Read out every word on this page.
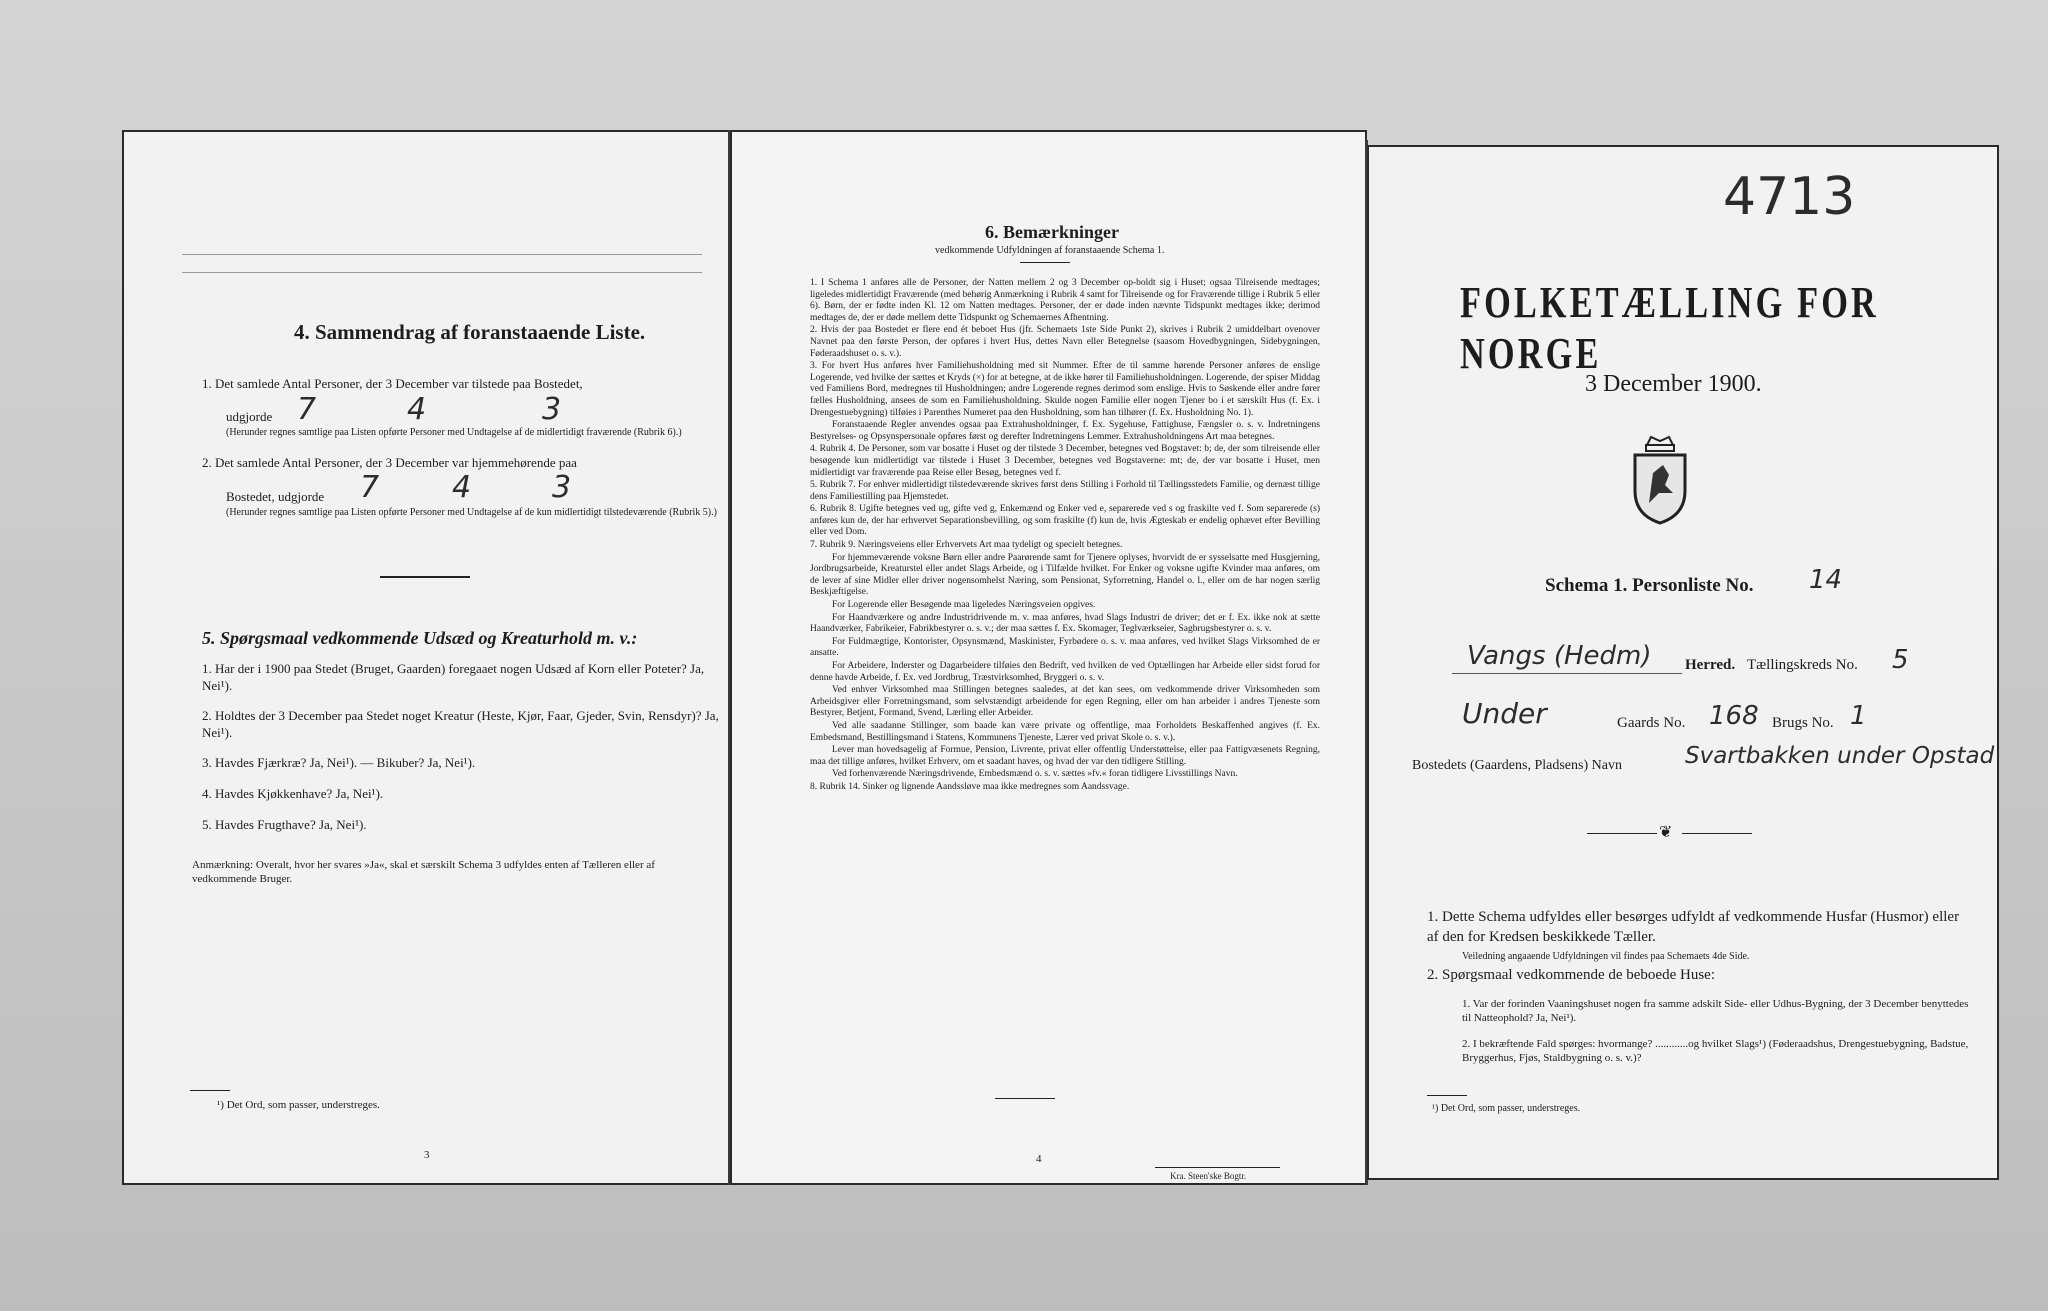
4. Sammendrag af foranstaaende Liste.
1. Det samlede Antal Personer, der 3 December var tilstede paa Bostedet,
udgjorde 7	4	3
(Herunder regnes samtlige paa Listen opførte Personer med Undtagelse af de midlertidigt fraværende (Rubrik 6).)
2. Det samlede Antal Personer, der 3 December var hjemmehørende paa
Bostedet, udgjorde 7 4	3
(Herunder regnes samtlige paa Listen opførte Personer med Undtagelse af de kun midlertidigt tilstedeværende (Rubrik 5).)
5. Spørgsmaal vedkommende Udsæd og Kreaturhold m. v.:
1. Har der i 1900 paa Stedet (Bruget, Gaarden) foregaaet nogen Udsæd af Korn eller Poteter? Ja, Nei¹).
2. Holdtes der 3 December paa Stedet noget Kreatur (Heste, Kjør, Faar, Gjeder, Svin, Rensdyr)? Ja, Nei¹).
3. Havdes Fjærkræ? Ja, Nei¹). — Bikuber? Ja, Nei¹).
4. Havdes Kjøkkenhave? Ja, Nei¹).
5. Havdes Frugthave? Ja, Nei¹).
Anmærkning: Overalt, hvor her svares »Ja«, skal et særskilt Schema 3 udfyldes enten af Tælleren eller af vedkommende Bruger.
¹) Det Ord, som passer, understreges.
3
6. Bemærkninger
vedkommende Udfyldningen af foranstaaende Schema 1.
1. I Schema 1 anføres alle de Personer, der Natten mellem 2 og 3 December op-boldt sig i Huset; ogsaa Tilreisende medtages; ligeledes midlertidigt Fraværende (med behørig Anmærkning i Rubrik 4 samt for Tilreisende og for Fraværende tillige i Rubrik 5 eller 6). Børn, der er fødte inden Kl. 12 om Natten medtages. Personer, der er døde inden nævnte Tidspunkt medtages ikke; derimod medtages de, der er døde mellem dette Tidspunkt og Schemaernes Afhentning.
2. Hvis der paa Bostedet er flere end ét beboet Hus (jfr. Schemaets 1ste Side Punkt 2), skrives i Rubrik 2 umiddelbart ovenover Navnet paa den første Person, der opføres i hvert Hus, dettes Navn eller Betegnelse (saasom Hovedbygningen, Sidebygningen, Føderaadshuset o. s. v.).
3. For hvert Hus anføres hver Familiehusholdning med sit Nummer. Efter de til samme hørende Personer anføres de enslige Logerende, ved hvilke der sættes et Kryds (×) for at betegne, at de ikke hører til Familiehusholdningen. Logerende, der spiser Middag ved Familiens Bord, medregnes til Husholdningen; andre Logerende regnes derimod som enslige. Hvis to Søskende eller andre fører fælles Husholdning, ansees de som en Familiehusholdning. Skulde nogen Familie eller nogen Tjener bo i et særskilt Hus (f. Ex. i Drengestuebygning) tilføies i Parenthes Numeret paa den Husholdning, som han tilhører (f. Ex. Husholdning No. 1).
Foranstaaende Regler anvendes ogsaa paa Extrahusholdninger, f. Ex. Sygehuse, Fattighuse, Fængsler o. s. v. Indretningens Bestyrelses- og Opsynspersonale opføres først og derefter Indretningens Lemmer. Extrahusholdningens Art maa betegnes.
4. Rubrik 4. De Personer, som var bosatte i Huset og der tilstede 3 December, betegnes ved Bogstavet: b; de, der som tilreisende eller besøgende kun midlertidigt var tilstede i Huset 3 December, betegnes ved Bogstaverne: mt; de, der var bosatte i Huset, men midlertidigt var fraværende paa Reise eller Besøg, betegnes ved f.
5. Rubrik 7. For enhver midlertidigt tilstedeværende skrives først dens Stilling i Forhold til Tællingsstedets Familie, og dernæst tillige dens Familiestilling paa Hjemstedet.
6. Rubrik 8. Ugifte betegnes ved ug, gifte ved g, Enkemænd og Enker ved e, separerede ved s og fraskilte ved f. Som separerede (s) anføres kun de, der har erhvervet Separationsbevilling, og som fraskilte (f) kun de, hvis Ægteskab er endelig ophævet efter Bevilling eller ved Dom.
7. Rubrik 9. Næringsveiens eller Erhvervets Art maa tydeligt og specielt betegnes.
For hjemmeværende voksne Børn eller andre Paarørende samt for Tjenere oplyses, hvorvidt de er sysselsatte med Husgjerning, Jordbrugsarbeide, Kreaturstel eller andet Slags Arbeide, og i Tilfælde hvilket. For Enker og voksne ugifte Kvinder maa anføres, om de lever af sine Midler eller driver nogensomhelst Næring, som Pensionat, Syforretning, Handel o. l., eller om de har nogen særlig Beskjæftigelse.
For Logerende eller Besøgende maa ligeledes Næringsveien opgives.
For Haandværkere og andre Industridrivende m. v. maa anføres, hvad Slags Industri de driver; det er f. Ex. ikke nok at sætte Haandværker, Fabrikeier, Fabrikbestyrer o. s. v.; der maa sættes f. Ex. Skomager, Teglværkseier, Sagbrugsbestyrer o. s. v.
For Fuldmægtige, Kontorister, Opsynsmænd, Maskinister, Fyrbødere o. s. v. maa anføres, ved hvilket Slags Virksomhed de er ansatte.
For Arbeidere, Inderster og Dagarbeidere tilføies den Bedrift, ved hvilken de ved Optællingen har Arbeide eller sidst forud for denne havde Arbeide, f. Ex. ved Jordbrug, Træstvirksomhed, Bryggeri o. s. v.
Ved enhver Virksomhed maa Stillingen betegnes saaledes, at det kan sees, om vedkommende driver Virksomheden som Arbeidsgiver eller Forretningsmand, som selvstændigt arbeidende for egen Regning, eller om han arbeider i andres Tjeneste som Bestyrer, Betjent, Formand, Svend, Lærling eller Arbeider.
Ved alle saadanne Stillinger, som baade kan være private og offentlige, maa Forholdets Beskaffenhed angives (f. Ex. Embedsmand, Bestillingsmand i Statens, Kommunens Tjeneste, Lærer ved privat Skole o. s. v.).
Lever man hovedsagelig af Formue, Pension, Livrente, privat eller offentlig Understøttelse, eller paa Fattigvæsenets Regning, maa det tillige anføres, hvilket Erhverv, om et saadant haves, og hvad der var den tidligere Stilling.
Ved forhenværende Næringsdrivende, Embedsmænd o. s. v. sættes »fv.« foran tidligere Livsstillings Navn.
8. Rubrik 14. Sinker og lignende Aandssløve maa ikke medregnes som Aandssvage.
4
Kra. Steen'ske Bogtr.
4713
FOLKETÆLLING FOR NORGE
3 December 1900.
Schema 1. Personliste No. 14
Vangs (Hedm) Herred. Tællingskreds No. 5
Under	Gaards No. 168 Brugs No. 1
Bostedets (Gaardens, Pladsens) Navn	Svartbakken under Opstad
❦
1. Dette Schema udfyldes eller besørges udfyldt af vedkommende Husfar (Husmor) eller af den for Kredsen beskikkede Tæller.
Veiledning angaaende Udfyldningen vil findes paa Schemaets 4de Side.
2. Spørgsmaal vedkommende de beboede Huse:
1. Var der forinden Vaaningshuset nogen fra samme adskilt Side- eller Udhus-Bygning, der 3 December benyttedes til Natteophold? Ja, Nei¹).
2. I bekræftende Fald spørges: hvormange? ............og hvilket Slags¹) (Føderaadshus, Drengestuebygning, Badstue, Bryggerhus, Fjøs, Staldbygning o. s. v.)?
¹) Det Ord, som passer, understreges.
